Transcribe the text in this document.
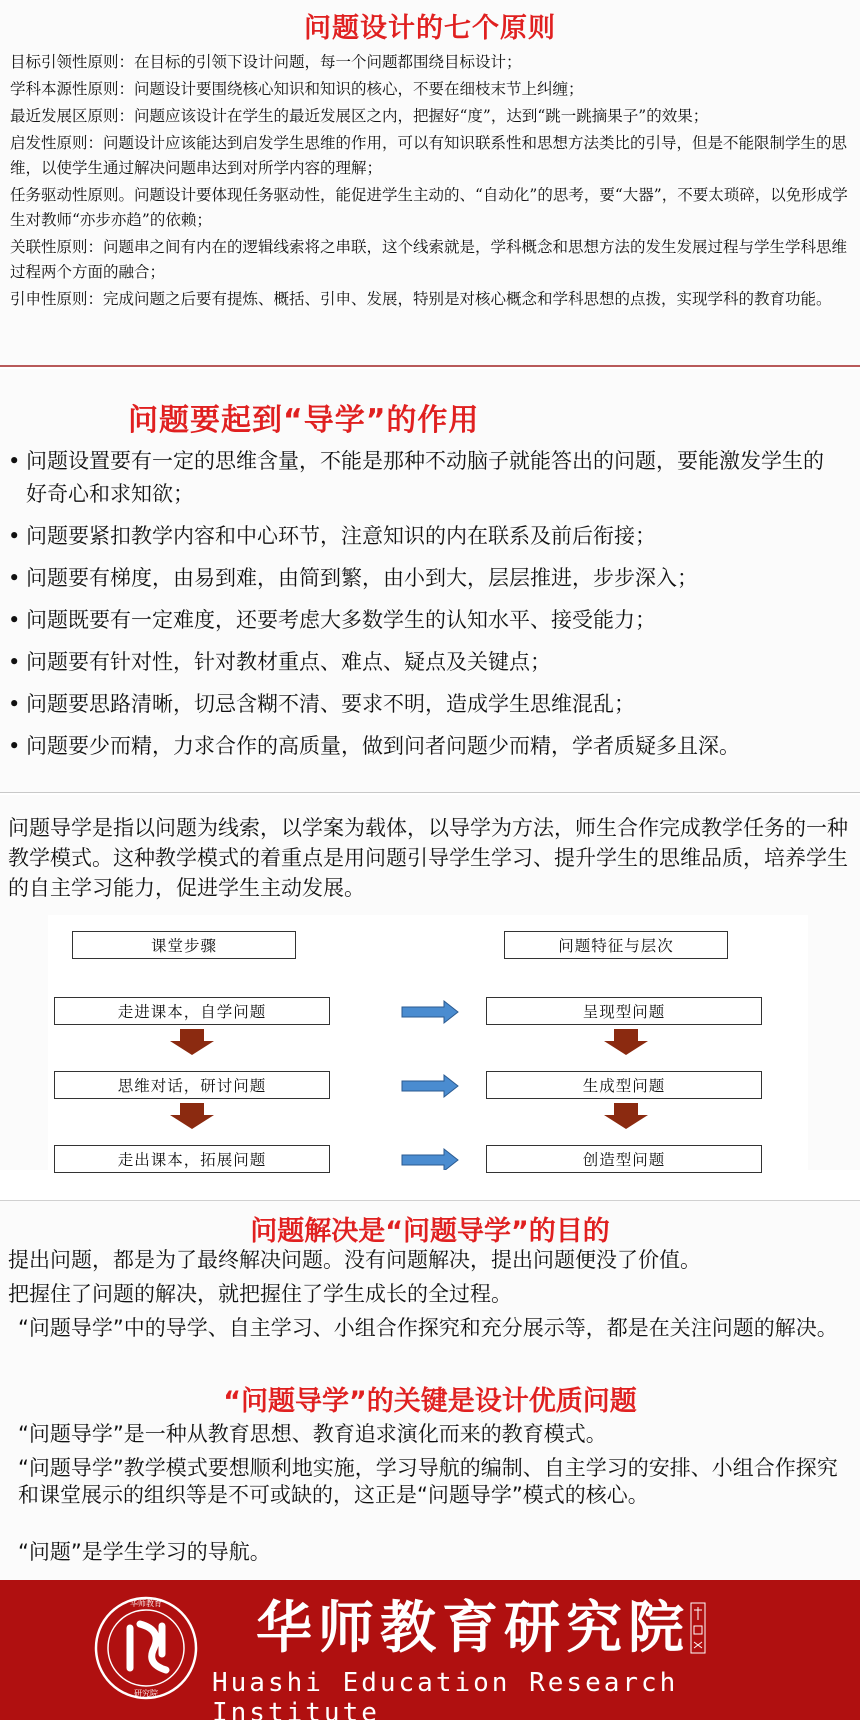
问题设计的七个原则

目标引领性原则：在目标的引领下设计问题，每一个问题都围绕目标设计；

学科本源性原则：问题设计要围绕核心知识和知识的核心，不要在细枝末节上纠缠；

最近发展区原则：问题应该设计在学生的最近发展区之内，把握好“度”，达到“跳一跳摘果子”的效果；

启发性原则：问题设计应该能达到启发学生思维的作用，可以有知识联系性和思想方法类比的引导，但是不能限制学生的思维，以使学生通过解决问题串达到对所学内容的理解；

任务驱动性原则。问题设计要体现任务驱动性，能促进学生主动的、“自动化”的思考，要“大器”，不要太琐碎，以免形成学生对教师“亦步亦趋”的依赖；

关联性原则：问题串之间有内在的逻辑线索将之串联，这个线索就是，学科概念和思想方法的发生发展过程与学生学科思维过程两个方面的融合；

引申性原则：完成问题之后要有提炼、概括、引申、发展，特别是对核心概念和学科思想的点拨，实现学科的教育功能。

问题要起到“导学”的作用
• 问题设置要有一定的思维含量，不能是那种不动脑子就能答出的问题，要能激发学生的好奇心和求知欲；
• 问题要紧扣教学内容和中心环节，注意知识的内在联系及前后衔接；
• 问题要有梯度，由易到难，由简到繁，由小到大，层层推进，步步深入；
• 问题既要有一定难度，还要考虑大多数学生的认知水平、接受能力；
• 问题要有针对性，针对教材重点、难点、疑点及关键点；
• 问题要思路清晰，切忌含糊不清、要求不明，造成学生思维混乱；
• 问题要少而精，力求合作的高质量，做到问者问题少而精，学者质疑多且深。
问题导学是指以问题为线索，以学案为载体，以导学为方法，师生合作完成教学任务的一种教学模式。这种教学模式的着重点是用问题引导学生学习、提升学生的思维品质，培养学生的自主学习能力，促进学生主动发展。
课堂步骤	问题特征与层次
走进课本，自学问题
思维对话，研讨问题
走出课本，拓展问题
呈现型问题
生成型问题
创造型问题
问题解决是“问题导学”的目的
提出问题，都是为了最终解决问题。没有问题解决，提出问题便没了价值。
把握住了问题的解决，就把握住了学生成长的全过程。
“问题导学”中的导学、自主学习、小组合作探究和充分展示等，都是在关注问题的解决。
“问题导学”的关键是设计优质问题
“问题导学”是一种从教育思想、教育追求演化而来的教育模式。
“问题导学”教学模式要想顺利地实施，学习导航的编制、自主学习的安排、小组合作探究和课堂展示的组织等是不可或缺的，这正是“问题导学”模式的核心。
“问题”是学生学习的导航。
华师教育
研究院
华师教育研究院
Huashi Education Research Institute
